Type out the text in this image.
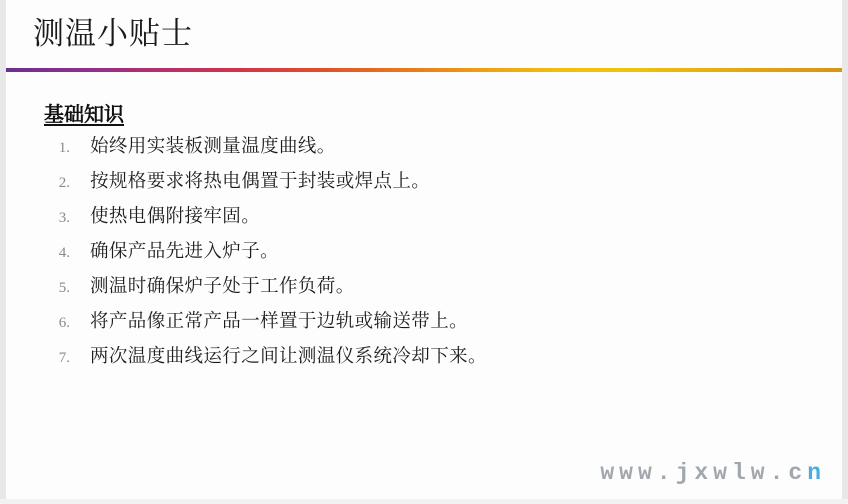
测温小贴士
基础知识
1. 始终用实装板测量温度曲线。
2. 按规格要求将热电偶置于封装或焊点上。
3. 使热电偶附接牢固。
4. 确保产品先进入炉子。
5. 测温时确保炉子处于工作负荷。
6. 将产品像正常产品一样置于边轨或输送带上。
7. 两次温度曲线运行之间让测温仪系统冷却下来。
www.jxwlw.cn
